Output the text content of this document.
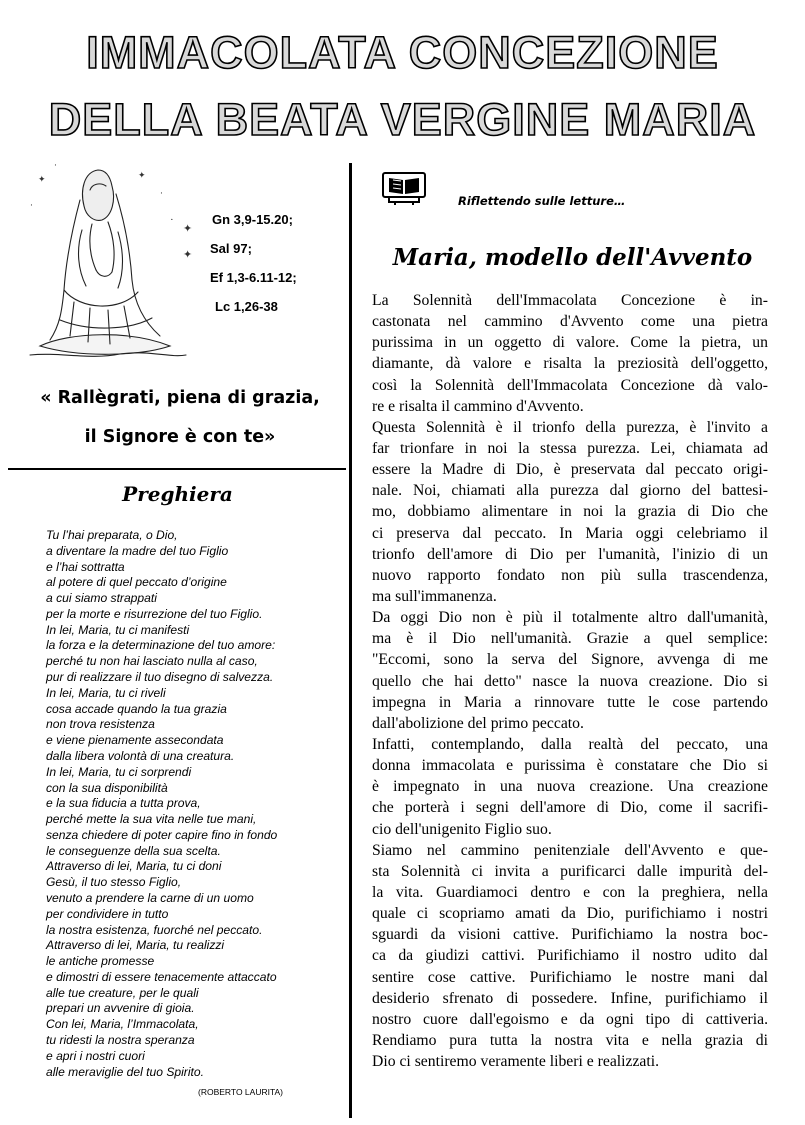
IMMACOLATA CONCEZIONE
DELLA BEATA VERGINE MARIA
✦
·
✦
·
·
✦
✦
·	Gn 3,9-15.20;
Sal 97;
Ef 1,3-6.11-12;
Lc 1,26-38
« Rallègrati, piena di grazia,
il Signore è con te»
Preghiera
Tu l’hai preparata, o Dio,
a diventare la madre del tuo Figlio
e l’hai sottratta
al potere di quel peccato d’origine
a cui siamo strappati
per la morte e risurrezione del tuo Figlio.
In lei, Maria, tu ci manifesti
la forza e la determinazione del tuo amore:
perché tu non hai lasciato nulla al caso,
pur di realizzare il tuo disegno di salvezza.
In lei, Maria, tu ci riveli
cosa accade quando la tua grazia
non trova resistenza
e viene pienamente assecondata
dalla libera volontà di una creatura.
In lei, Maria, tu ci sorprendi
con la sua disponibilità
e la sua fiducia a tutta prova,
perché mette la sua vita nelle tue mani,
senza chiedere di poter capire fino in fondo
le conseguenze della sua scelta.
Attraverso di lei, Maria, tu ci doni
Gesù, il tuo stesso Figlio,
venuto a prendere la carne di un uomo
per condividere in tutto
la nostra esistenza, fuorché nel peccato.
Attraverso di lei, Maria, tu realizzi
le antiche promesse
e dimostri di essere tenacemente attaccato
alle tue creature, per le quali
prepari un avvenire di gioia.
Con lei, Maria, l’Immacolata,
tu ridesti la nostra speranza
e apri i nostri cuori
alle meraviglie del tuo Spirito.
(ROBERTO LAURITA)
Riflettendo sulle letture…
Maria, modello dell'Avvento
La Solennità dell'Immacolata Concezione è in-
castonata nel cammino d'Avvento come una pietra
purissima in un oggetto di valore. Come la pietra, un
diamante, dà valore e risalta la preziosità dell'oggetto,
così la Solennità dell'Immacolata Concezione dà valo-
re e risalta il cammino d'Avvento.
Questa Solennità è il trionfo della purezza, è l'invito a
far trionfare in noi la stessa purezza. Lei, chiamata ad
essere la Madre di Dio, è preservata dal peccato origi-
nale. Noi, chiamati alla purezza dal giorno del battesi-
mo, dobbiamo alimentare in noi la grazia di Dio che
ci preserva dal peccato. In Maria oggi celebriamo il
trionfo dell'amore di Dio per l'umanità, l'inizio di un
nuovo rapporto fondato non più sulla trascendenza,
ma sull'immanenza.
Da oggi Dio non è più il totalmente altro dall'umanità,
ma è il Dio nell'umanità. Grazie a quel semplice:
"Eccomi, sono la serva del Signore, avvenga di me
quello che hai detto" nasce la nuova creazione. Dio si
impegna in Maria a rinnovare tutte le cose partendo
dall'abolizione del primo peccato.
Infatti, contemplando, dalla realtà del peccato, una
donna immacolata e purissima è constatare che Dio si
è impegnato in una nuova creazione. Una creazione
che porterà i segni dell'amore di Dio, come il sacrifi-
cio dell'unigenito Figlio suo.
Siamo nel cammino penitenziale dell'Avvento e que-
sta Solennità ci invita a purificarci dalle impurità del-
la vita. Guardiamoci dentro e con la preghiera, nella
quale ci scopriamo amati da Dio, purifichiamo i nostri
sguardi da visioni cattive. Purifichiamo la nostra boc-
ca da giudizi cattivi. Purifichiamo il nostro udito dal
sentire cose cattive. Purifichiamo le nostre mani dal
desiderio sfrenato di possedere. Infine, purifichiamo il
nostro cuore dall'egoismo e da ogni tipo di cattiveria.
Rendiamo pura tutta la nostra vita e nella grazia di
Dio ci sentiremo veramente liberi e realizzati.
